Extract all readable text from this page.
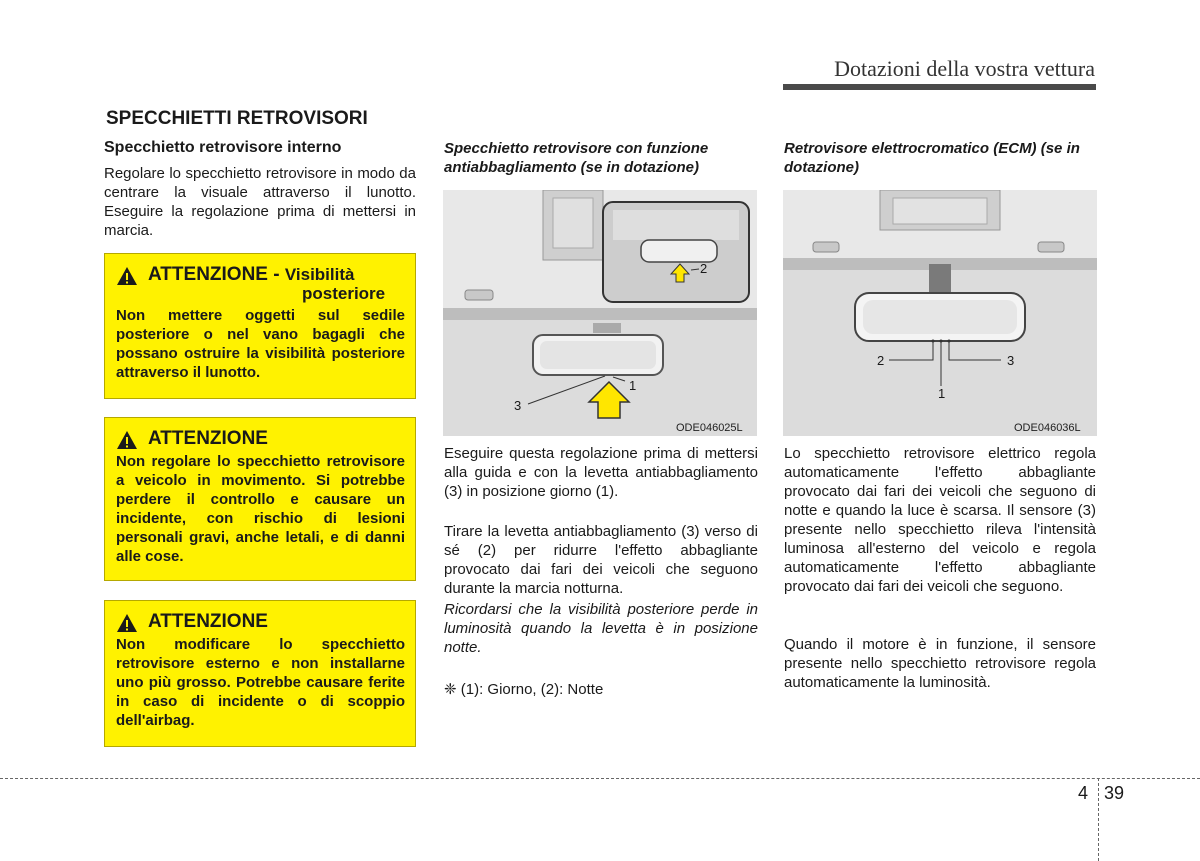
Dotazioni della vostra vettura
SPECCHIETTI RETROVISORI
Specchietto retrovisore interno
Regolare lo specchietto retrovisore in modo da centrare la visuale attraverso il lunotto. Eseguire la regolazione prima di mettersi in marcia.
ATTENZIONE - Visibilità
posteriore
Non mettere oggetti sul sedile posteriore o nel vano bagagli che possano ostruire la visibilità posteriore attraverso il lunotto.
ATTENZIONE
Non regolare lo specchietto retrovisore a veicolo in movimento. Si potrebbe perdere il controllo e causare un incidente, con rischio di lesioni personali gravi, anche letali, e di danni alle cose.
ATTENZIONE
Non modificare lo specchietto retrovisore esterno e non installarne uno più grosso. Potrebbe causare ferite in caso di incidente o di scoppio dell'airbag.
Specchietto retrovisore con funzione antiabbagliamento (se in dotazione)
ODE046025L
1
2
3
Eseguire questa regolazione prima di mettersi alla guida e con la levetta antiabbagliamento (3) in posizione giorno (1).
Tirare la levetta antiabbagliamento (3) verso di sé (2) per ridurre l'effetto abbagliante provocato dai fari dei veicoli che seguono durante la marcia notturna.
Ricordarsi che la visibilità posteriore perde in luminosità quando la levetta è in posizione notte.
❈ (1): Giorno, (2): Notte
Retrovisore elettrocromatico (ECM) (se in dotazione)
ODE046036L
1
2	3
Lo specchietto retrovisore elettrico regola automaticamente l'effetto abbagliante provocato dai fari dei veicoli che seguono di notte e quando la luce è scarsa. Il sensore (3) presente nello specchietto rileva l'intensità luminosa all'esterno del veicolo e regola automaticamente l'effetto abbagliante provocato dai fari dei veicoli che seguono.
Quando il motore è in funzione, il sensore presente nello specchietto retrovisore regola automaticamente la luminosità.
4 39
